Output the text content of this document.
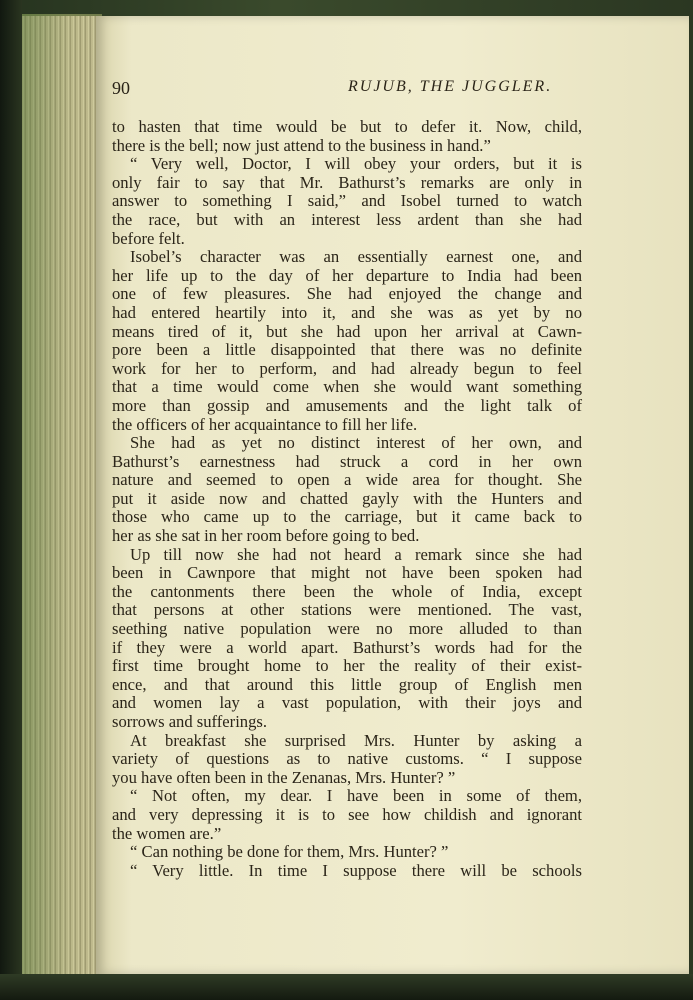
90	RUJUB, THE JUGGLER.
to hasten that time would be but to defer it. Now, child,
there is the bell; now just attend to the business in hand.”
“ Very well, Doctor, I will obey your orders, but it is
only fair to say that Mr. Bathurst’s remarks are only in
answer to something I said,” and Isobel turned to watch
the race, but with an interest less ardent than she had
before felt.
Isobel’s character was an essentially earnest one, and
her life up to the day of her departure to India had been
one of few pleasures. She had enjoyed the change and
had entered heartily into it, and she was as yet by no
means tired of it, but she had upon her arrival at Cawn-
pore been a little disappointed that there was no definite
work for her to perform, and had already begun to feel
that a time would come when she would want something
more than gossip and amusements and the light talk of
the officers of her acquaintance to fill her life.
She had as yet no distinct interest of her own, and
Bathurst’s earnestness had struck a cord in her own
nature and seemed to open a wide area for thought. She
put it aside now and chatted gayly with the Hunters and
those who came up to the carriage, but it came back to
her as she sat in her room before going to bed.
Up till now she had not heard a remark since she had
been in Cawnpore that might not have been spoken had
the cantonments there been the whole of India, except
that persons at other stations were mentioned. The vast,
seething native population were no more alluded to than
if they were a world apart. Bathurst’s words had for the
first time brought home to her the reality of their exist-
ence, and that around this little group of English men
and women lay a vast population, with their joys and
sorrows and sufferings.
At breakfast she surprised Mrs. Hunter by asking a
variety of questions as to native customs. “ I suppose
you have often been in the Zenanas, Mrs. Hunter? ”
“ Not often, my dear. I have been in some of them,
and very depressing it is to see how childish and ignorant
the women are.”
“ Can nothing be done for them, Mrs. Hunter? ”
“ Very little. In time I suppose there will be schools
